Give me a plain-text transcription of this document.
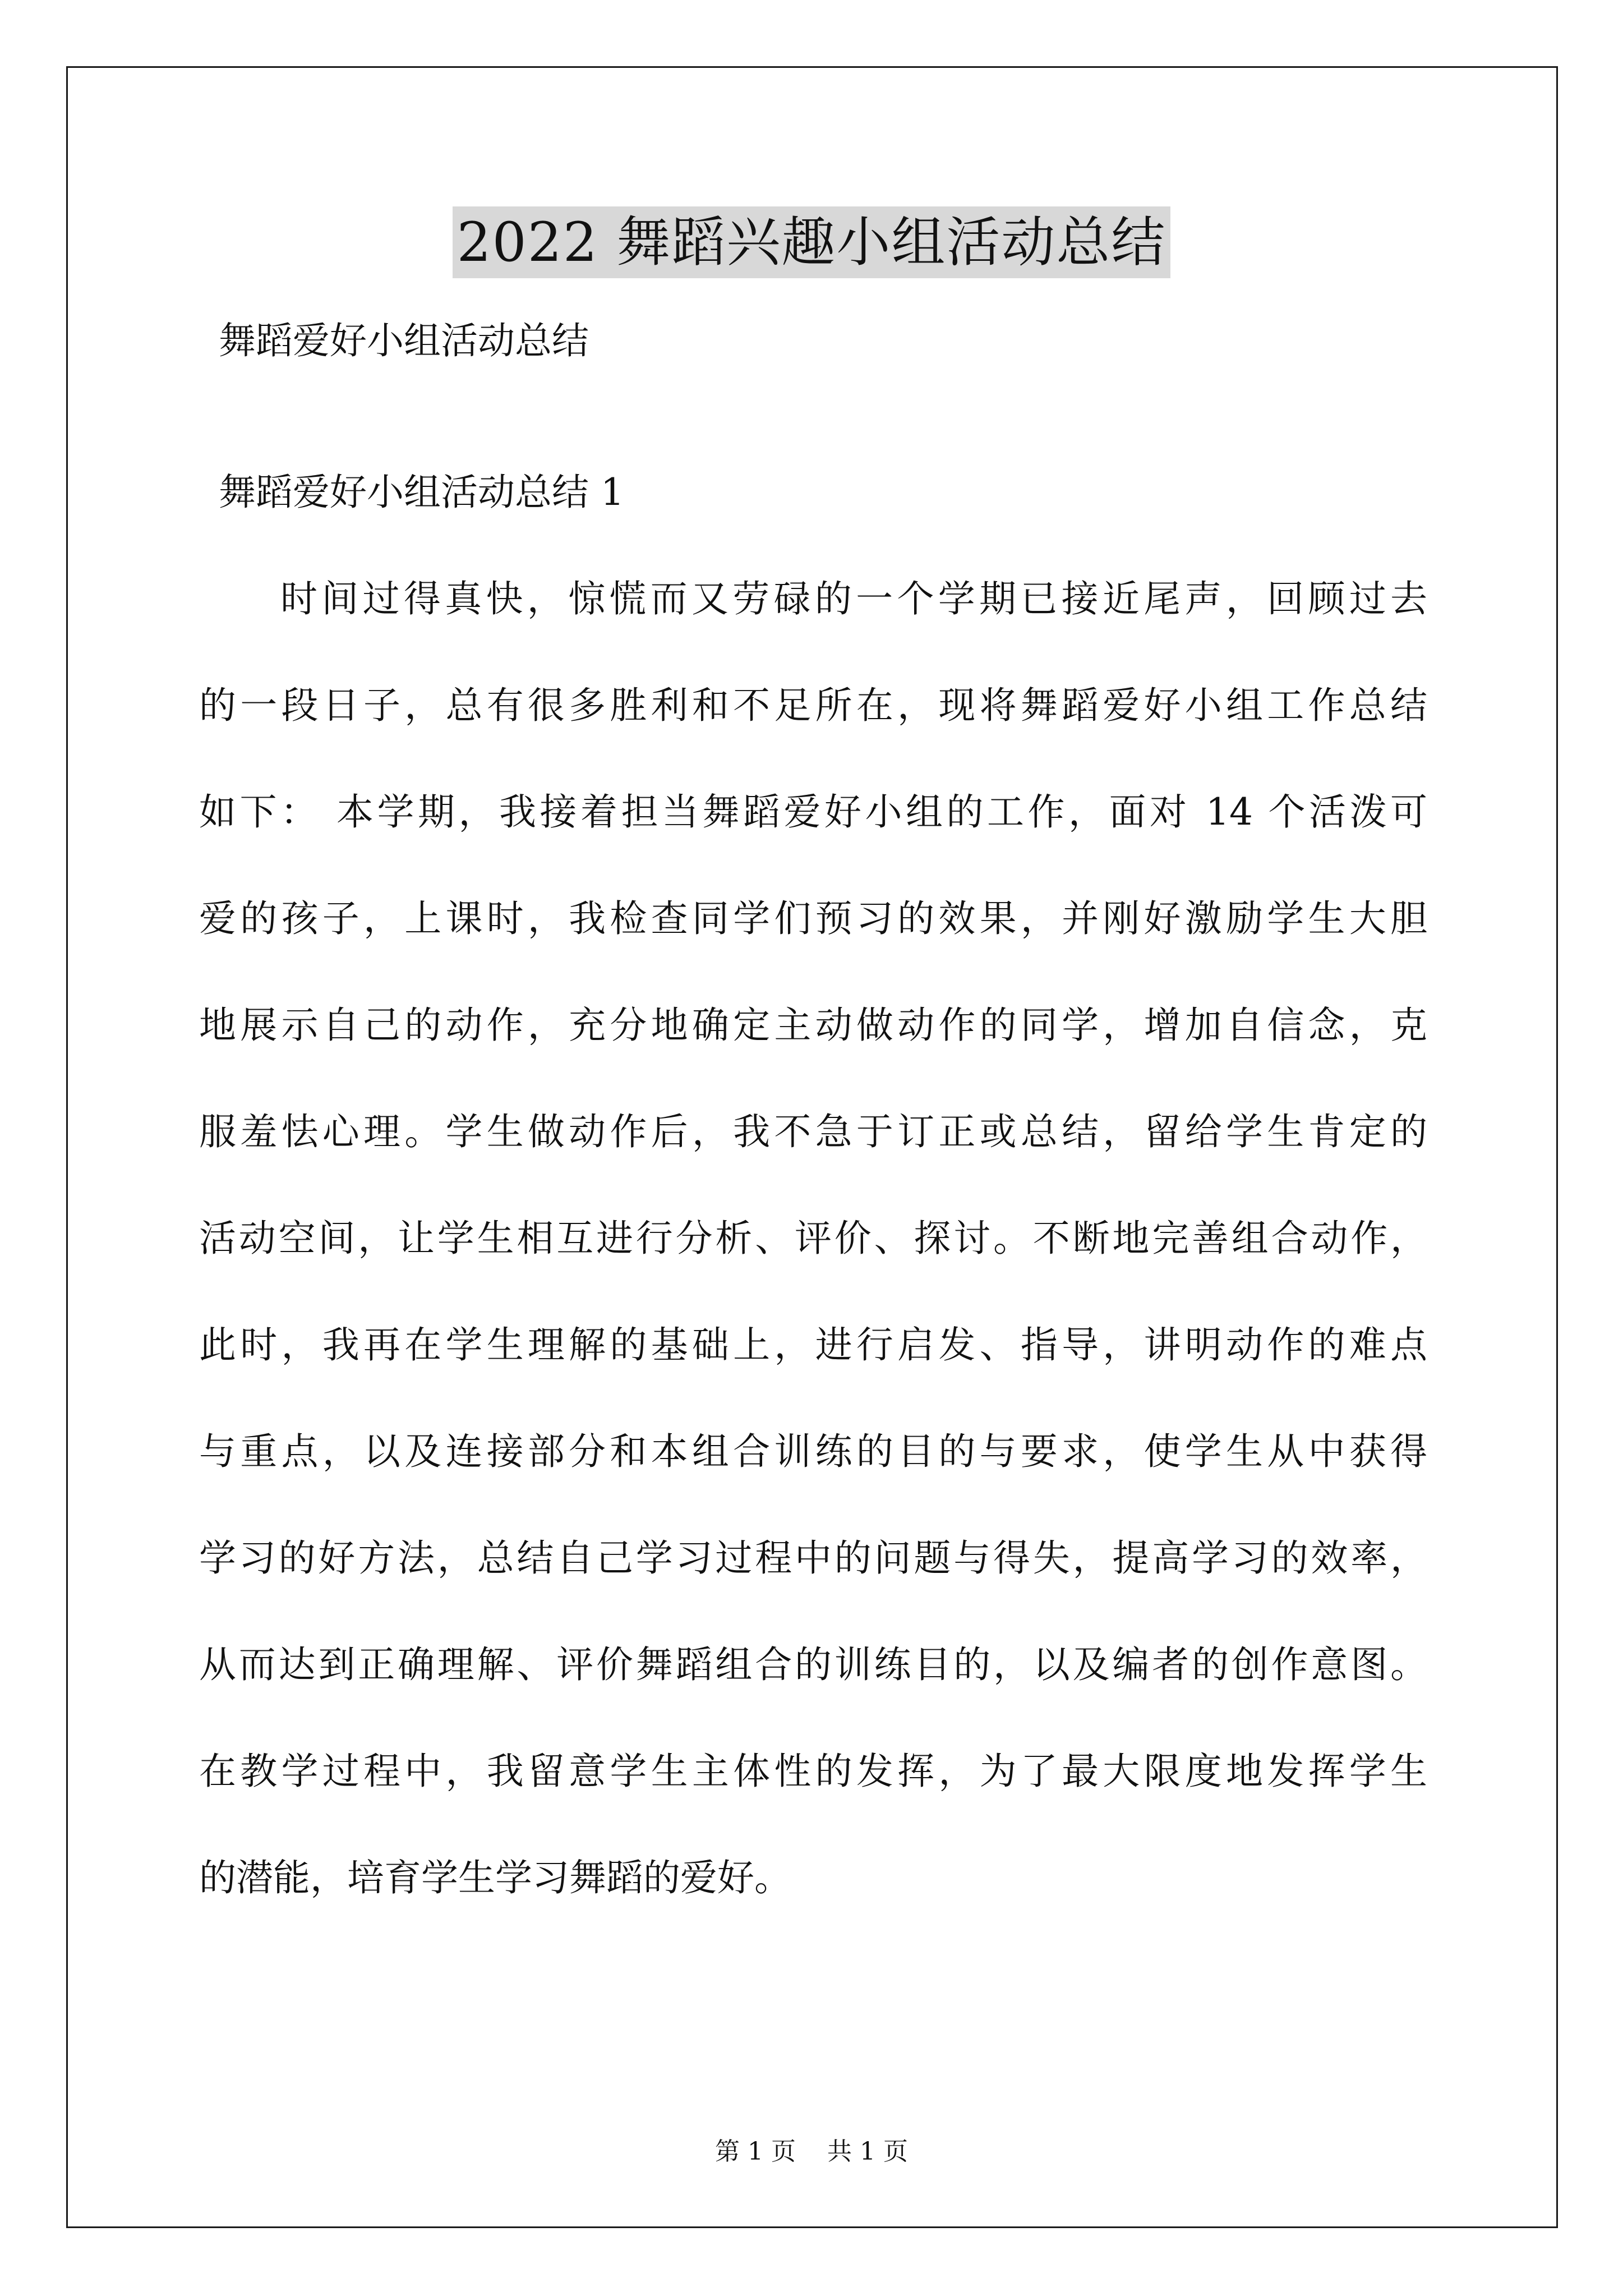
2022 舞蹈兴趣小组活动总结
舞蹈爱好小组活动总结
舞蹈爱好小组活动总结 1
时间过得真快，惊慌而又劳碌的一个学期已接近尾声，回顾过去
的一段日子，总有很多胜利和不足所在，现将舞蹈爱好小组工作总结
如下： 本学期，我接着担当舞蹈爱好小组的工作，面对 14 个活泼可
爱的孩子，上课时，我检查同学们预习的效果，并刚好激励学生大胆
地展示自己的动作，充分地确定主动做动作的同学，增加自信念，克
服羞怯心理。学生做动作后，我不急于订正或总结，留给学生肯定的
活动空间，让学生相互进行分析、评价、探讨。不断地完善组合动作，
此时，我再在学生理解的基础上，进行启发、指导，讲明动作的难点
与重点，以及连接部分和本组合训练的目的与要求，使学生从中获得
学习的好方法，总结自己学习过程中的问题与得失，提高学习的效率，
从而达到正确理解、评价舞蹈组合的训练目的，以及编者的创作意图。
在教学过程中，我留意学生主体性的发挥，为了最大限度地发挥学生
的潜能，培育学生学习舞蹈的爱好。
第 1 页 共 1 页
